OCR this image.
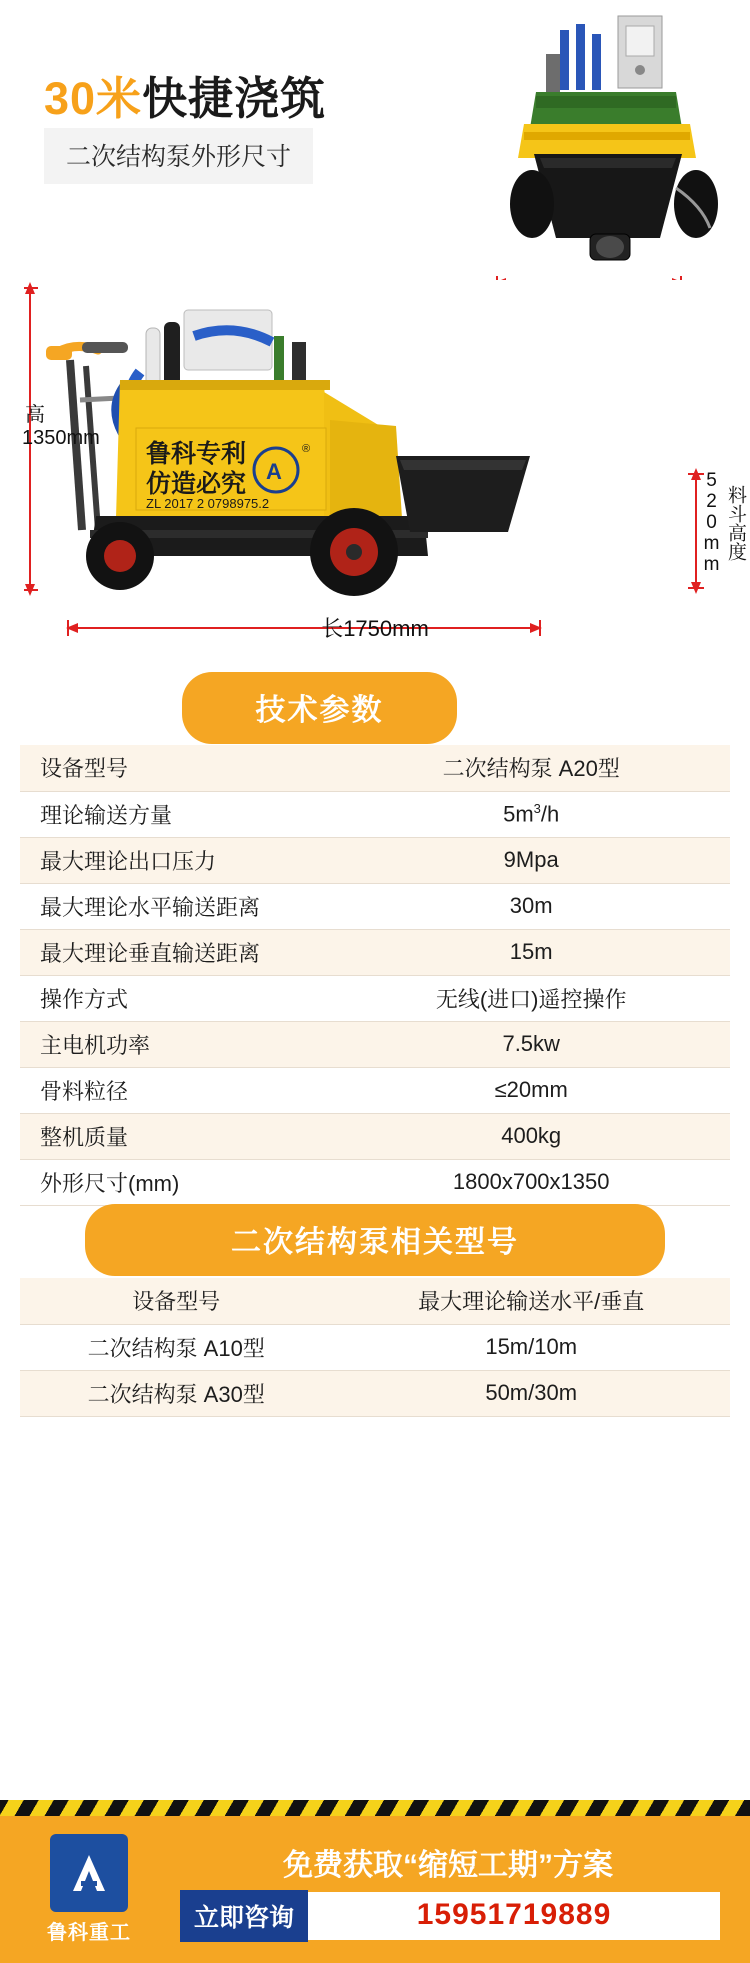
30米快捷浇筑
二次结构泵外形尺寸
鲁科专利
仿造必究
ZL 2017 2 0798975.2
A
®
高1350mm
520mm 料斗高度
长1750mm
技术参数
设备型号	二次结构泵 A20型
理论输送方量	$5m^3/h$
最大理论出口压力	9Mpa
最大理论水平输送距离	30m
最大理论垂直输送距离	15m
操作方式	无线(进口)遥控操作
主电机功率	7.5kw
骨料粒径	≤20mm
整机质量	400kg
外形尺寸(mm)	1800x700x1350
二次结构泵相关型号
设备型号	最大理论输送水平/垂直
二次结构泵 A10型	15m/10m
二次结构泵 A30型	50m/30m
鲁科重工
免费获取“缩短工期”方案
立即咨询	15951719889
